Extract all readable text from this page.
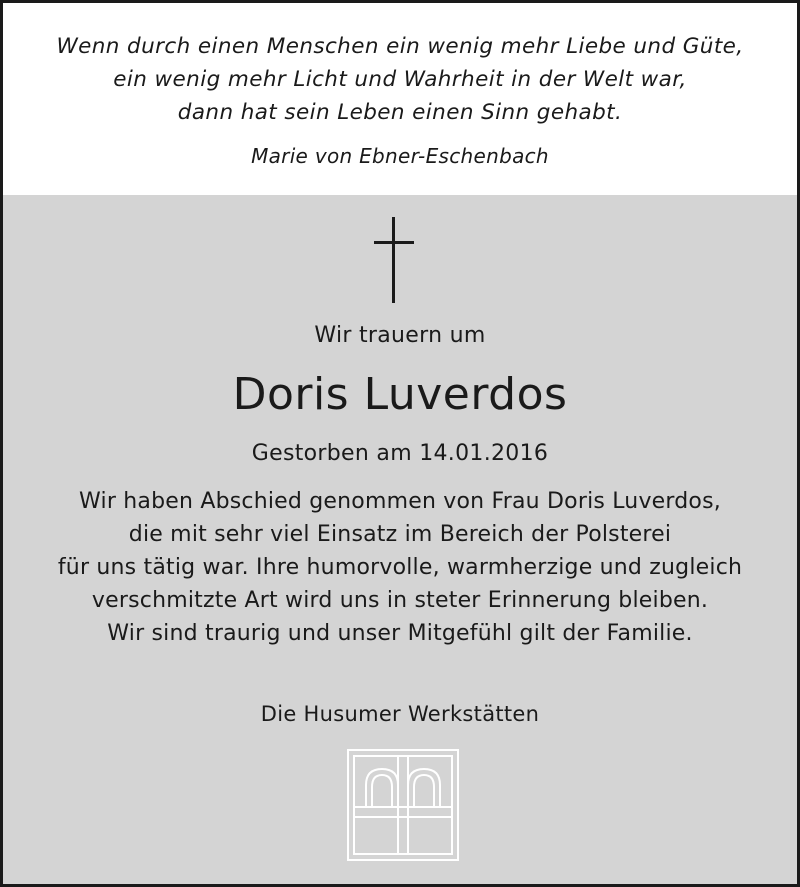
Wenn durch einen Menschen ein wenig mehr Liebe und Güte,
ein wenig mehr Licht und Wahrheit in der Welt war,
dann hat sein Leben einen Sinn gehabt.
Marie von Ebner-Eschenbach
Wir trauern um
Doris Luverdos
Gestorben am 14.01.2016
Wir haben Abschied genommen von Frau Doris Luverdos,
die mit sehr viel Einsatz im Bereich der Polsterei
für uns tätig war. Ihre humorvolle, warmherzige und zugleich
verschmitzte Art wird uns in steter Erinnerung bleiben.
Wir sind traurig und unser Mitgefühl gilt der Familie.
Die Husumer Werkstätten
